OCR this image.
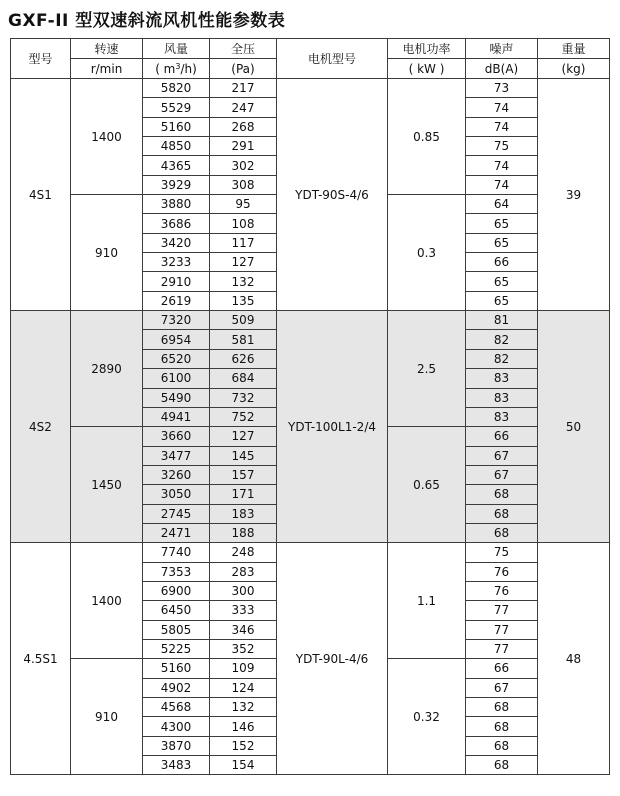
GXF-II 型双速斜流风机性能参数表
型号	转速	风量	全压	电机型号	电机功率	噪声	重量
	r/min	( $m^3/h$)	(Pa)		( kW )	dB(A)	(kg)
4S1	1400	5820	217	YDT-90S-4/6	0.85	73	39
		5529	247			74	
		5160	268			74	
		4850	291			75	
		4365	302			74	
		3929	308			74	
	910	3880	95		0.3	64	
		3686	108			65	
		3420	117			65	
		3233	127			66	
		2910	132			65	
		2619	135			65	
4S2	2890	7320	509	YDT-100L1-2/4	2.5	81	50
		6954	581			82	
		6520	626			82	
		6100	684			83	
		5490	732			83	
		4941	752			83	
	1450	3660	127		0.65	66	
		3477	145			67	
		3260	157			67	
		3050	171			68	
		2745	183			68	
		2471	188			68	
4.5S1	1400	7740	248	YDT-90L-4/6	1.1	75	48
		7353	283			76	
		6900	300			76	
		6450	333			77	
		5805	346			77	
		5225	352			77	
	910	5160	109		0.32	66	
		4902	124			67	
		4568	132			68	
		4300	146			68	
		3870	152			68	
		3483	154			68	
